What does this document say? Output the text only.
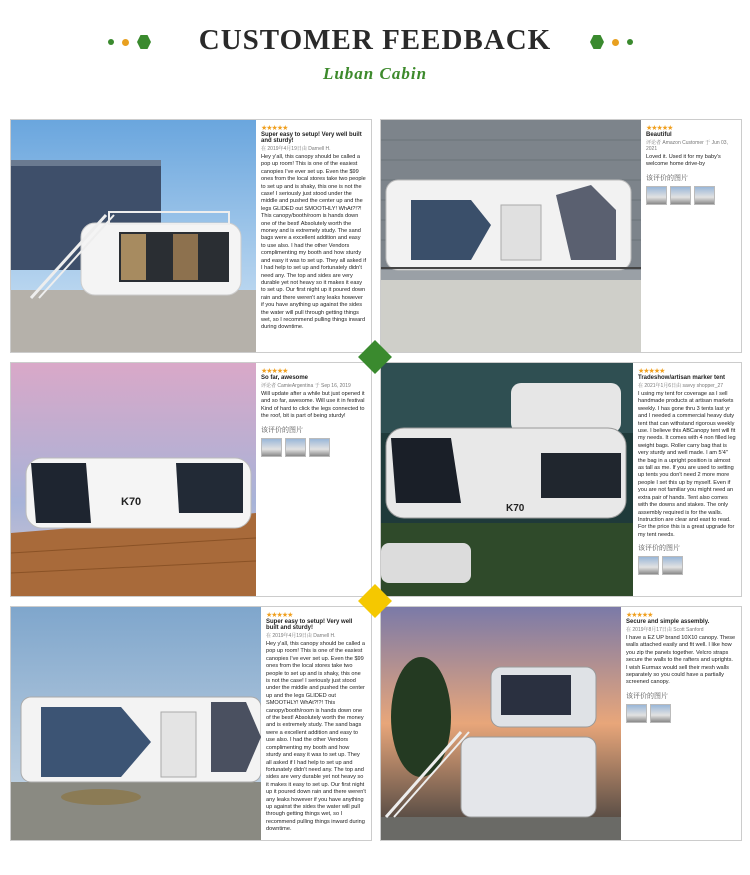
CUSTOMER FEEDBACK
Luban Cabin
★★★★★
Super easy to setup! Very well built and sturdy!
在 2019年4月19日由 Darnell H.
Hey y'all, this canopy should be called a pop up room! This is one of the easiest canopies I've ever set up. Even the $99 ones from the local stores take two people to set up and is shaky, this one is not the case! I seriously just stood under the middle and pushed the center up and the legs GLIDED out SMOOTHLY! WhAt?!?! This canopy/booth/room is hands down one of the best! Absolutely worth the money and is extremely study. The sand bags were a excellent addition and easy to use also. I had the other Vendors complimenting my booth and how sturdy and easy it was to set up. They all asked if I had help to set up and fortunately didn't need any. The top and sides are very durable yet not heavy so it makes it easy to set up. Our first night up it poured down rain and there weren't any leaks however if you have anything up against the sides the water will pull through getting things wet, so I recommend pulling things inward during downtime.
★★★★★
Beautiful
评论者 Amazon Customer 于 Jun 03, 2021
Loved it. Used it for my baby's welcome home drive-by
该评价的图片
K70
★★★★★
So far, awesome
评论者 CamieArgentina 于 Sep 16, 2019
Will update after a while but just opened it and so far, awesome. Will use it in festival Kind of hard to click the legs connected to the roof, bit is part of being sturdy!
该评价的图片
K70
★★★★★
Tradeshow/artisan marker tent
在 2021年1月6日由 savvy shopper_27
I using my tent for coverage as I sell handmade products at artisan markets weekly. I has gone thru 3 tents last yr and I needed a commercial heavy duty tent that can withstand rigorous weekly use. I believe this ABCanopy tent will fit my needs. It comes with 4 non filled leg weight bags. Roller carry bag that is very sturdy and well made. I am 5'4" the bag in a upright position is almost as tall as me. If you are used to setting up tents you don't need 2 more more people I set this up by myself. Even if you are not familiar you might need an extra pair of hands. Tent also comes with the downs and stakes. The only assembly required is for the walls. Instruction are clear and east to read. For the price this is a great upgrade for my tent needs.
该评价的图片
★★★★★
Super easy to setup! Very well built and sturdy!
在 2019年4月19日由 Darnell H.
Hey y'all, this canopy should be called a pop up room! This is one of the easiest canopies I've ever set up. Even the $99 ones from the local stores take two people to set up and is shaky, this one is not the case! I seriously just stood under the middle and pushed the center up and the legs GLIDED out SMOOTHLY! WhAt?!?! This canopy/booth/room is hands down one of the best! Absolutely worth the money and is extremely study. The sand bags were a excellent addition and easy to use also. I had the other Vendors complimenting my booth and how sturdy and easy it was to set up. They all asked if I had help to set up and fortunately didn't need any. The top and sides are very durable yet not heavy so it makes it easy to set up. Our first night up it poured down rain and there weren't any leaks however if you have anything up against the sides the water will pull through getting things wet, so I recommend pulling things inward during downtime.
★★★★★
Secure and simple assembly.
在 2019年8月17日由 Scott Sanford
I have a EZ UP brand 10X10 canopy. These walls attached easily and fit well. I like how you zip the panels together. Velcro straps secure the walls to the rafters and uprights. I wish Eurmax would sell their mesh walls separately so you could have a partially screened canopy.
该评价的图片
